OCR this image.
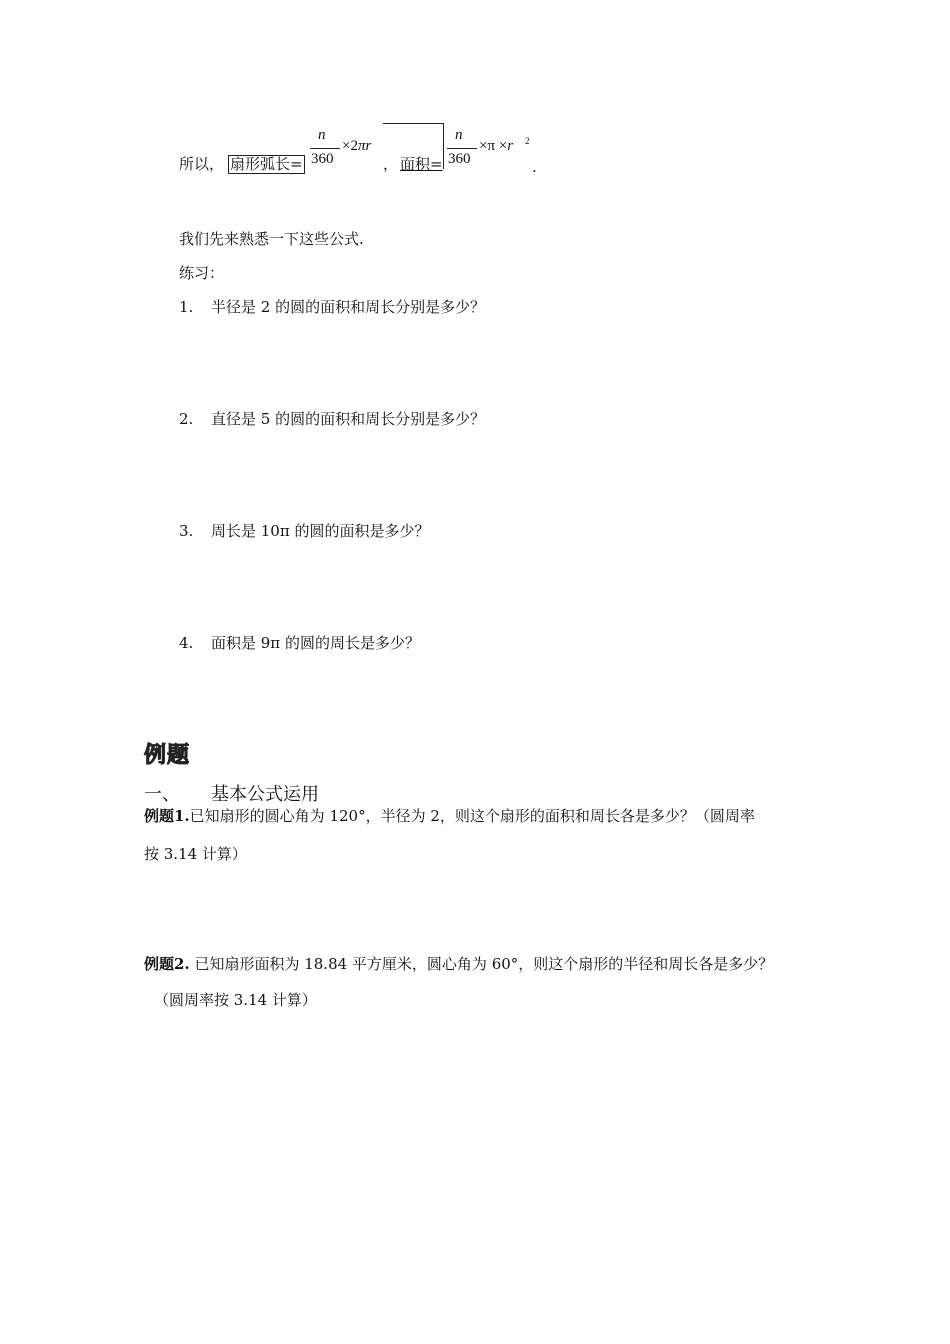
所以， 扇形弧长=
n
360
×2πr
， 面积=
n
360
×π ×r 2
.
我们先来熟悉一下这些公式.
练习：
1. 半径是 2 的圆的面积和周长分别是多少？
2. 直径是 5 的圆的面积和周长分别是多少？
3. 周长是 10π 的圆的面积是多少？
4. 面积是 9π 的圆的周长是多少？
例题
一、 基本公式运用
例题1.已知扇形的圆心角为 120°，半径为 2，则这个扇形的面积和周长各是多少？（圆周率
按 3.14 计算）
例题2. 已知扇形面积为 18.84 平方厘米，圆心角为 60°，则这个扇形的半径和周长各是多少？
（圆周率按 3.14 计算）
